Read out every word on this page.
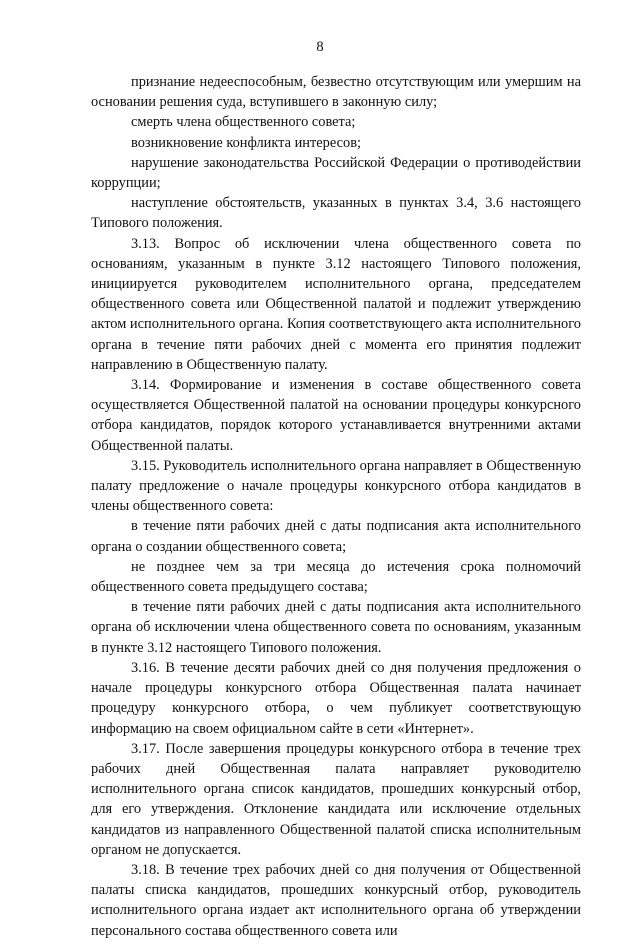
8

признание недееспособным, безвестно отсутствующим или умершим на основании решения суда, вступившего в законную силу;

смерть члена общественного совета;

возникновение конфликта интересов;

нарушение законодательства Российской Федерации о противодействии коррупции;

наступление обстоятельств, указанных в пунктах 3.4, 3.6 настоящего Типового положения.

3.13. Вопрос об исключении члена общественного совета по основаниям, указанным в пункте 3.12 настоящего Типового положения, инициируется руководителем исполнительного органа, председателем общественного совета или Общественной палатой и подлежит утверждению актом исполнительного органа. Копия соответствующего акта исполнительного органа в течение пяти рабочих дней с момента его принятия подлежит направлению в Общественную палату.

3.14. Формирование и изменения в составе общественного совета осуществляется Общественной палатой на основании процедуры конкурсного отбора кандидатов, порядок которого устанавливается внутренними актами Общественной палаты.

3.15. Руководитель исполнительного органа направляет в Общественную палату предложение о начале процедуры конкурсного отбора кандидатов в члены общественного совета:

в течение пяти рабочих дней с даты подписания акта исполнительного органа о создании общественного совета;

не позднее чем за три месяца до истечения срока полномочий общественного совета предыдущего состава;

в течение пяти рабочих дней с даты подписания акта исполнительного органа об исключении члена общественного совета по основаниям, указанным в пункте 3.12 настоящего Типового положения.

3.16. В течение десяти рабочих дней со дня получения предложения о начале процедуры конкурсного отбора Общественная палата начинает процедуру конкурсного отбора, о чем публикует соответствующую информацию на своем официальном сайте в сети «Интернет».

3.17. После завершения процедуры конкурсного отбора в течение трех рабочих дней Общественная палата направляет руководителю исполнительного органа список кандидатов, прошедших конкурсный отбор, для его утверждения. Отклонение кандидата или исключение отдельных кандидатов из направленного Общественной палатой списка исполнительным органом не допускается.

3.18. В течение трех рабочих дней со дня получения от Общественной палаты списка кандидатов, прошедших конкурсный отбор, руководитель исполнительного органа издает акт исполнительного органа об утверждении персонального состава общественного совета или
